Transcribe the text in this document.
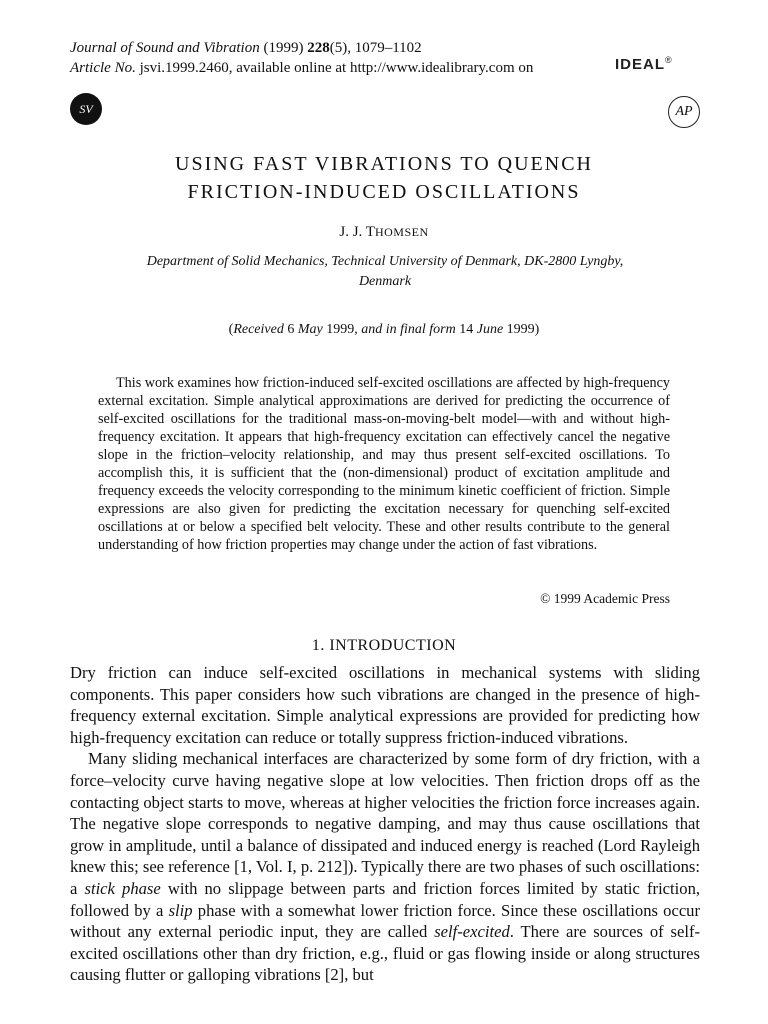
Journal of Sound and Vibration (1999) 228(5), 1079–1102
Article No. jsvi.1999.2460, available online at http://www.idealibrary.com on	IDEAL®
SV	AP
USING FAST VIBRATIONS TO QUENCH
FRICTION-INDUCED OSCILLATIONS
J. J. THOMSEN
Department of Solid Mechanics, Technical University of Denmark, DK-2800 Lyngby,
Denmark
(Received 6 May 1999, and in final form 14 June 1999)

This work examines how friction-induced self-excited oscillations are affected by high-frequency external excitation. Simple analytical approximations are derived for predicting the occurrence of self-excited oscillations for the traditional mass-on-moving-belt model—with and without high-frequency excitation. It appears that high-frequency excitation can effectively cancel the negative slope in the friction–velocity relationship, and may thus present self-excited oscillations. To accomplish this, it is sufficient that the (non-dimensional) product of excitation amplitude and frequency exceeds the velocity corresponding to the minimum kinetic coefficient of friction. Simple expressions are also given for predicting the excitation necessary for quenching self-excited oscillations at or below a specified belt velocity. These and other results contribute to the general understanding of how friction properties may change under the action of fast vibrations.

© 1999 Academic Press
1. INTRODUCTION

Dry friction can induce self-excited oscillations in mechanical systems with sliding components. This paper considers how such vibrations are changed in the presence of high-frequency external excitation. Simple analytical expressions are provided for predicting how high-frequency excitation can reduce or totally suppress friction-induced vibrations.

Many sliding mechanical interfaces are characterized by some form of dry friction, with a force–velocity curve having negative slope at low velocities. Then friction drops off as the contacting object starts to move, whereas at higher velocities the friction force increases again. The negative slope corresponds to negative damping, and may thus cause oscillations that grow in amplitude, until a balance of dissipated and induced energy is reached (Lord Rayleigh knew this; see reference [1, Vol. I, p. 212]). Typically there are two phases of such oscillations: a stick phase with no slippage between parts and friction forces limited by static friction, followed by a slip phase with a somewhat lower friction force. Since these oscillations occur without any external periodic input, they are called self-excited. There are sources of self-excited oscillations other than dry friction, e.g., fluid or gas flowing inside or along structures causing flutter or galloping vibrations [2], but
